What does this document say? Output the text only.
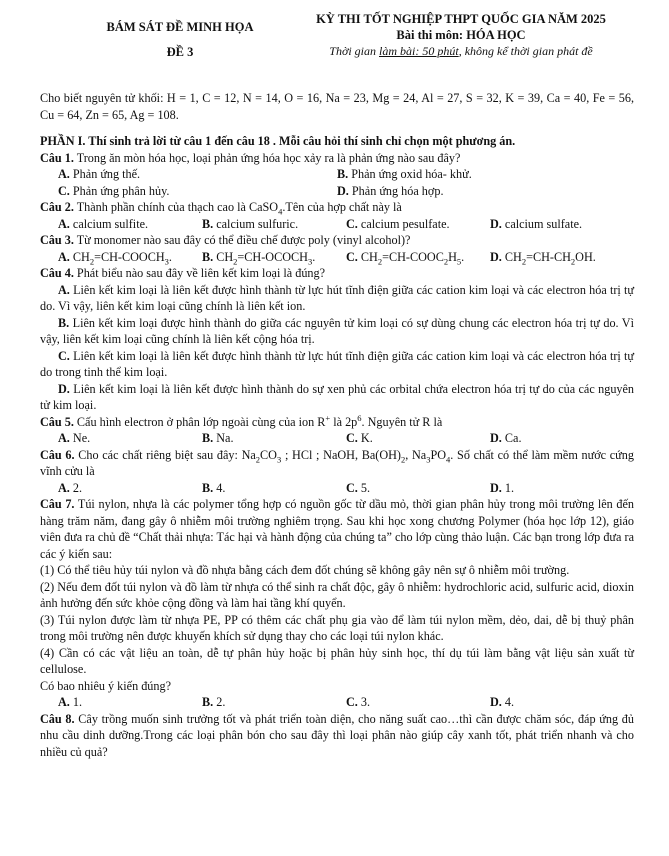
BÁM SÁT ĐỀ MINH HỌA
ĐỀ 3
KỲ THI TỐT NGHIỆP THPT QUỐC GIA NĂM 2025
Bài thi môn: HÓA HỌC
Thời gian làm bài: 50 phút, không kể thời gian phát đề

Cho biết nguyên tử khối: H = 1, C = 12, N = 14, O = 16, Na = 23, Mg = 24, Al = 27, S = 32, K = 39, Ca = 40, Fe = 56, Cu = 64, Zn = 65, Ag = 108.

PHẦN I. Thí sinh trả lời từ câu 1 đến câu 18 . Mỗi câu hỏi thí sinh chỉ chọn một phương án.

Câu 1. Trong ăn mòn hóa học, loại phản ứng hóa học xảy ra là phản ứng nào sau đây?

A. Phản ứng thế.	B. Phản ứng oxid hóa- khử.
C. Phản ứng phân hủy.	D. Phản ứng hóa hợp.

Câu 2. Thành phần chính của thạch cao là CaSO$_4$.Tên của hợp chất này là

A. calcium sulfite.	B. calcium sulfuric.	C. calcium pesulfate.	D. calcium sulfate.

Câu 3. Từ monomer nào sau đây có thể điều chế được poly (vinyl alcohol)?

A. $CH_2=CH-COOCH_3$.	B. $CH_2=CH-OCOCH_3$.	C. $CH_2=CH-COOC_2H_5$.	D. $CH_2=CH-CH_2OH$.

Câu 4. Phát biểu nào sau đây về liên kết kim loại là đúng?

A. Liên kết kim loại là liên kết được hình thành từ lực hút tĩnh điện giữa các cation kim loại và các electron hóa trị tự do. Vì vậy, liên kết kim loại cũng chính là liên kết ion.

B. Liên kết kim loại được hình thành do giữa các nguyên tử kim loại có sự dùng chung các electron hóa trị tự do. Vì vậy, liên kết kim loại cũng chính là liên kết cộng hóa trị.

C. Liên kết kim loại là liên kết được hình thành từ lực hút tĩnh điện giữa các cation kim loại và các electron hóa trị tự do trong tinh thể kim loại.

D. Liên kết kim loại là liên kết được hình thành do sự xen phủ các orbital chứa electron hóa trị tự do của các nguyên tử kim loại.

Câu 5. Cấu hình electron ở phân lớp ngoài cùng của ion R+ là $2p^6$. Nguyên tử R là

A. Ne.	B. Na.	C. K.	D. Ca.

Câu 6. Cho các chất riêng biệt sau đây: $Na_2CO_3$ ; HCl ; NaOH, $Ba(OH)_2$, $Na_3PO_4$. Số chất có thể làm mềm nước cứng vĩnh cửu là

A. 2.	B. 4.	C. 5.	D. 1.

Câu 7. Túi nylon, nhựa là các polymer tổng hợp có nguồn gốc từ dầu mỏ, thời gian phân hủy trong môi trường lên đến hàng trăm năm, đang gây ô nhiễm môi trường nghiêm trọng. Sau khi học xong chương Polymer (hóa học lớp 12), giáo viên đưa ra chủ đề “Chất thải nhựa: Tác hại và hành động của chúng ta” cho lớp cùng thảo luận. Các bạn trong lớp đưa ra các ý kiến sau:

(1) Có thể tiêu hủy túi nylon và đồ nhựa bằng cách đem đốt chúng sẽ không gây nên sự ô nhiễm môi trường.

(2) Nếu đem đốt túi nylon và đồ làm từ nhựa có thể sinh ra chất độc, gây ô nhiễm: hydrochloric acid, sulfuric acid, dioxin ảnh hưởng đến sức khỏe cộng đồng và làm hai tầng khí quyển.

(3) Túi nylon được làm từ nhựa PE, PP có thêm các chất phụ gia vào để làm túi nylon mềm, dẻo, dai, dễ bị thuỷ phân trong môi trường nên được khuyến khích sử dụng thay cho các loại túi nylon khác.

(4) Cần có các vật liệu an toàn, dễ tự phân hủy hoặc bị phân hủy sinh học, thí dụ túi làm bằng vật liệu sản xuất từ cellulose.

Có bao nhiêu ý kiến đúng?

A. 1.	B. 2.	C. 3.	D. 4.

Câu 8. Cây trồng muốn sinh trưởng tốt và phát triển toàn diện, cho năng suất cao…thì cần được chăm sóc, đáp ứng đủ nhu cầu dinh dưỡng.Trong các loại phân bón cho sau đây thì loại phân nào giúp cây xanh tốt, phát triển nhanh và cho nhiều củ quả?
